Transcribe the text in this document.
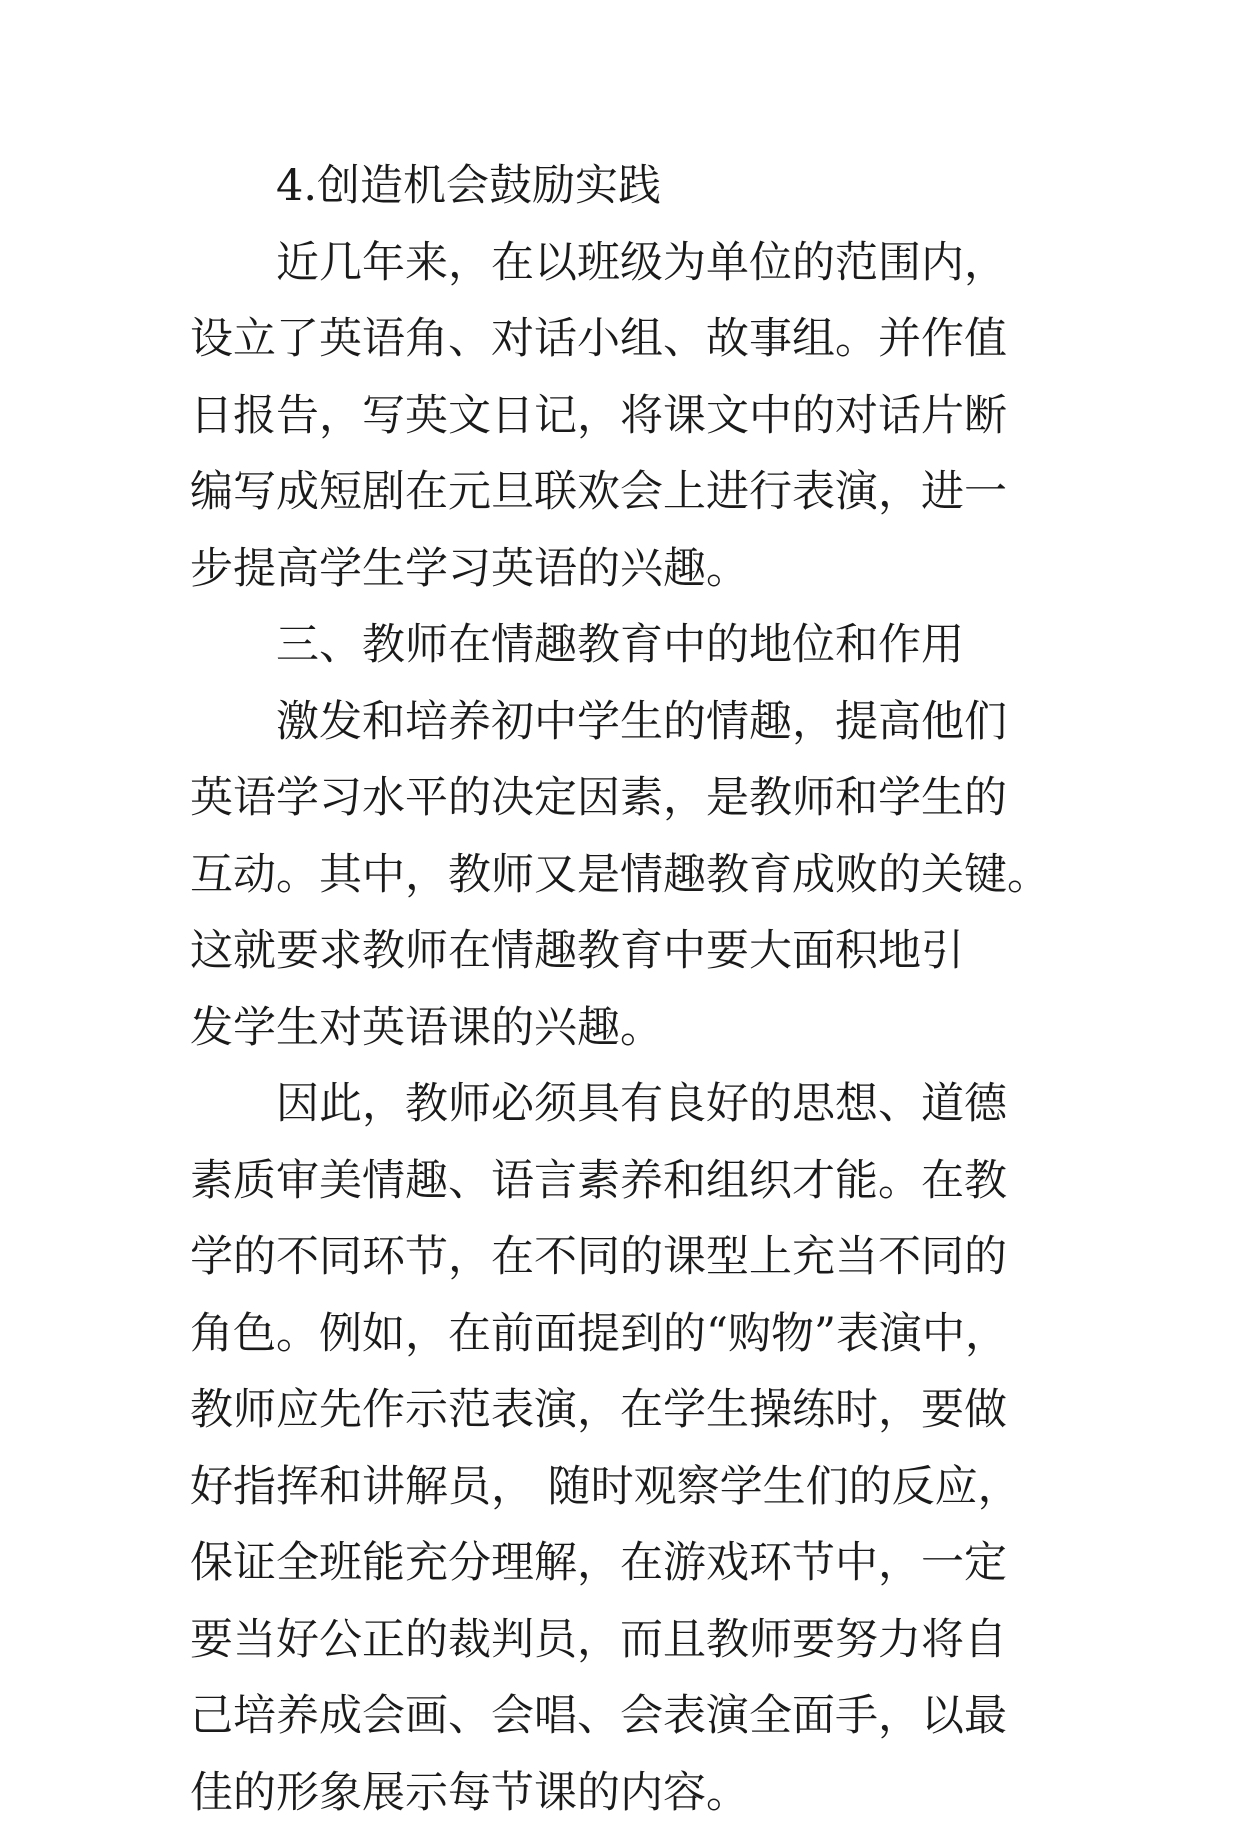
4.创造机会鼓励实践
近几年来，在以班级为单位的范围内，
设立了英语角、对话小组、故事组。并作值
日报告，写英文日记，将课文中的对话片断
编写成短剧在元旦联欢会上进行表演，进一
步提高学生学习英语的兴趣。
三、教师在情趣教育中的地位和作用
激发和培养初中学生的情趣，提高他们
英语学习水平的决定因素，是教师和学生的
互动。其中，教师又是情趣教育成败的关键。
这就要求教师在情趣教育中要大面积地引
发学生对英语课的兴趣。
因此，教师必须具有良好的思想、道德
素质审美情趣、语言素养和组织才能。在教
学的不同环节，在不同的课型上充当不同的
角色。例如，在前面提到的“购物”表演中，
教师应先作示范表演，在学生操练时，要做
好指挥和讲解员， 随时观察学生们的反应，
保证全班能充分理解，在游戏环节中，一定
要当好公正的裁判员，而且教师要努力将自
己培养成会画、会唱、会表演全面手，以最
佳的形象展示每节课的内容。
